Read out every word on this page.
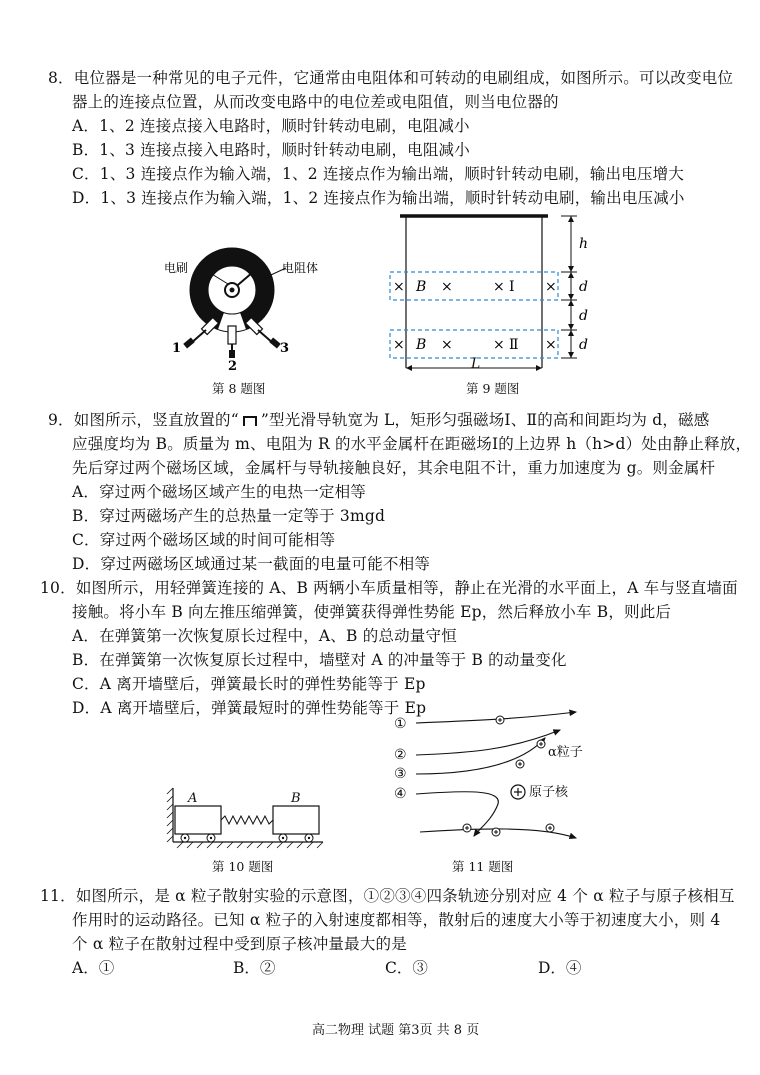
8．电位器是一种常见的电子元件，它通常由电阻体和可转动的电刷组成，如图所示。可以改变电位
器上的连接点位置，从而改变电路中的电位差或电阻值，则当电位器的
A．1、2 连接点接入电路时，顺时针转动电刷，电阻减小
B．1、3 连接点接入电路时，顺时针转动电刷，电阻减小
C．1、3 连接点作为输入端，1、2 连接点作为输出端，顺时针转动电刷，输出电压增大
D．1、3 连接点作为输入端，1、2 连接点作为输出端，顺时针转动电刷，输出电压减小
电刷	电阻体
1
2
3
第 8 题图
× B ×	× Ⅰ ×
× B ×	× Ⅱ ×
h
d
d
d
L
第 9 题图
9．如图所示，竖直放置的“ ”型光滑导轨宽为 L，矩形匀强磁场Ⅰ、Ⅱ的高和间距均为 d，磁感
应强度均为 B。质量为 m、电阻为 R 的水平金属杆在距磁场Ⅰ的上边界 h（h>d）处由静止释放，
先后穿过两个磁场区域，金属杆与导轨接触良好，其余电阻不计，重力加速度为 g。则金属杆
A．穿过两个磁场区域产生的电热一定相等
B．穿过两磁场产生的总热量一定等于 3mgd
C．穿过两个磁场区域的时间可能相等
D．穿过两磁场区域通过某一截面的电量可能不相等
10．如图所示，用轻弹簧连接的 A、B 两辆小车质量相等，静止在光滑的水平面上，A 车与竖直墙面
接触。将小车 B 向左推压缩弹簧，使弹簧获得弹性势能 Ep，然后释放小车 B，则此后
A．在弹簧第一次恢复原长过程中，A、B 的总动量守恒
B．在弹簧第一次恢复原长过程中，墙壁对 A 的冲量等于 B 的动量变化
C．A 离开墙壁后，弹簧最长时的弹性势能等于 Ep
D．A 离开墙壁后，弹簧最短时的弹性势能等于 Ep
①
②
③
④
α粒子
原子核
第 11 题图
A	B
第 10 题图
11．如图所示，是 α 粒子散射实验的示意图，①②③④四条轨迹分别对应 4 个 α 粒子与原子核相互
作用时的运动路径。已知 α 粒子的入射速度都相等，散射后的速度大小等于初速度大小，则 4
个 α 粒子在散射过程中受到原子核冲量最大的是
A．①	B．②	C．③	D．④
高二物理 试题 第3页 共 8 页
